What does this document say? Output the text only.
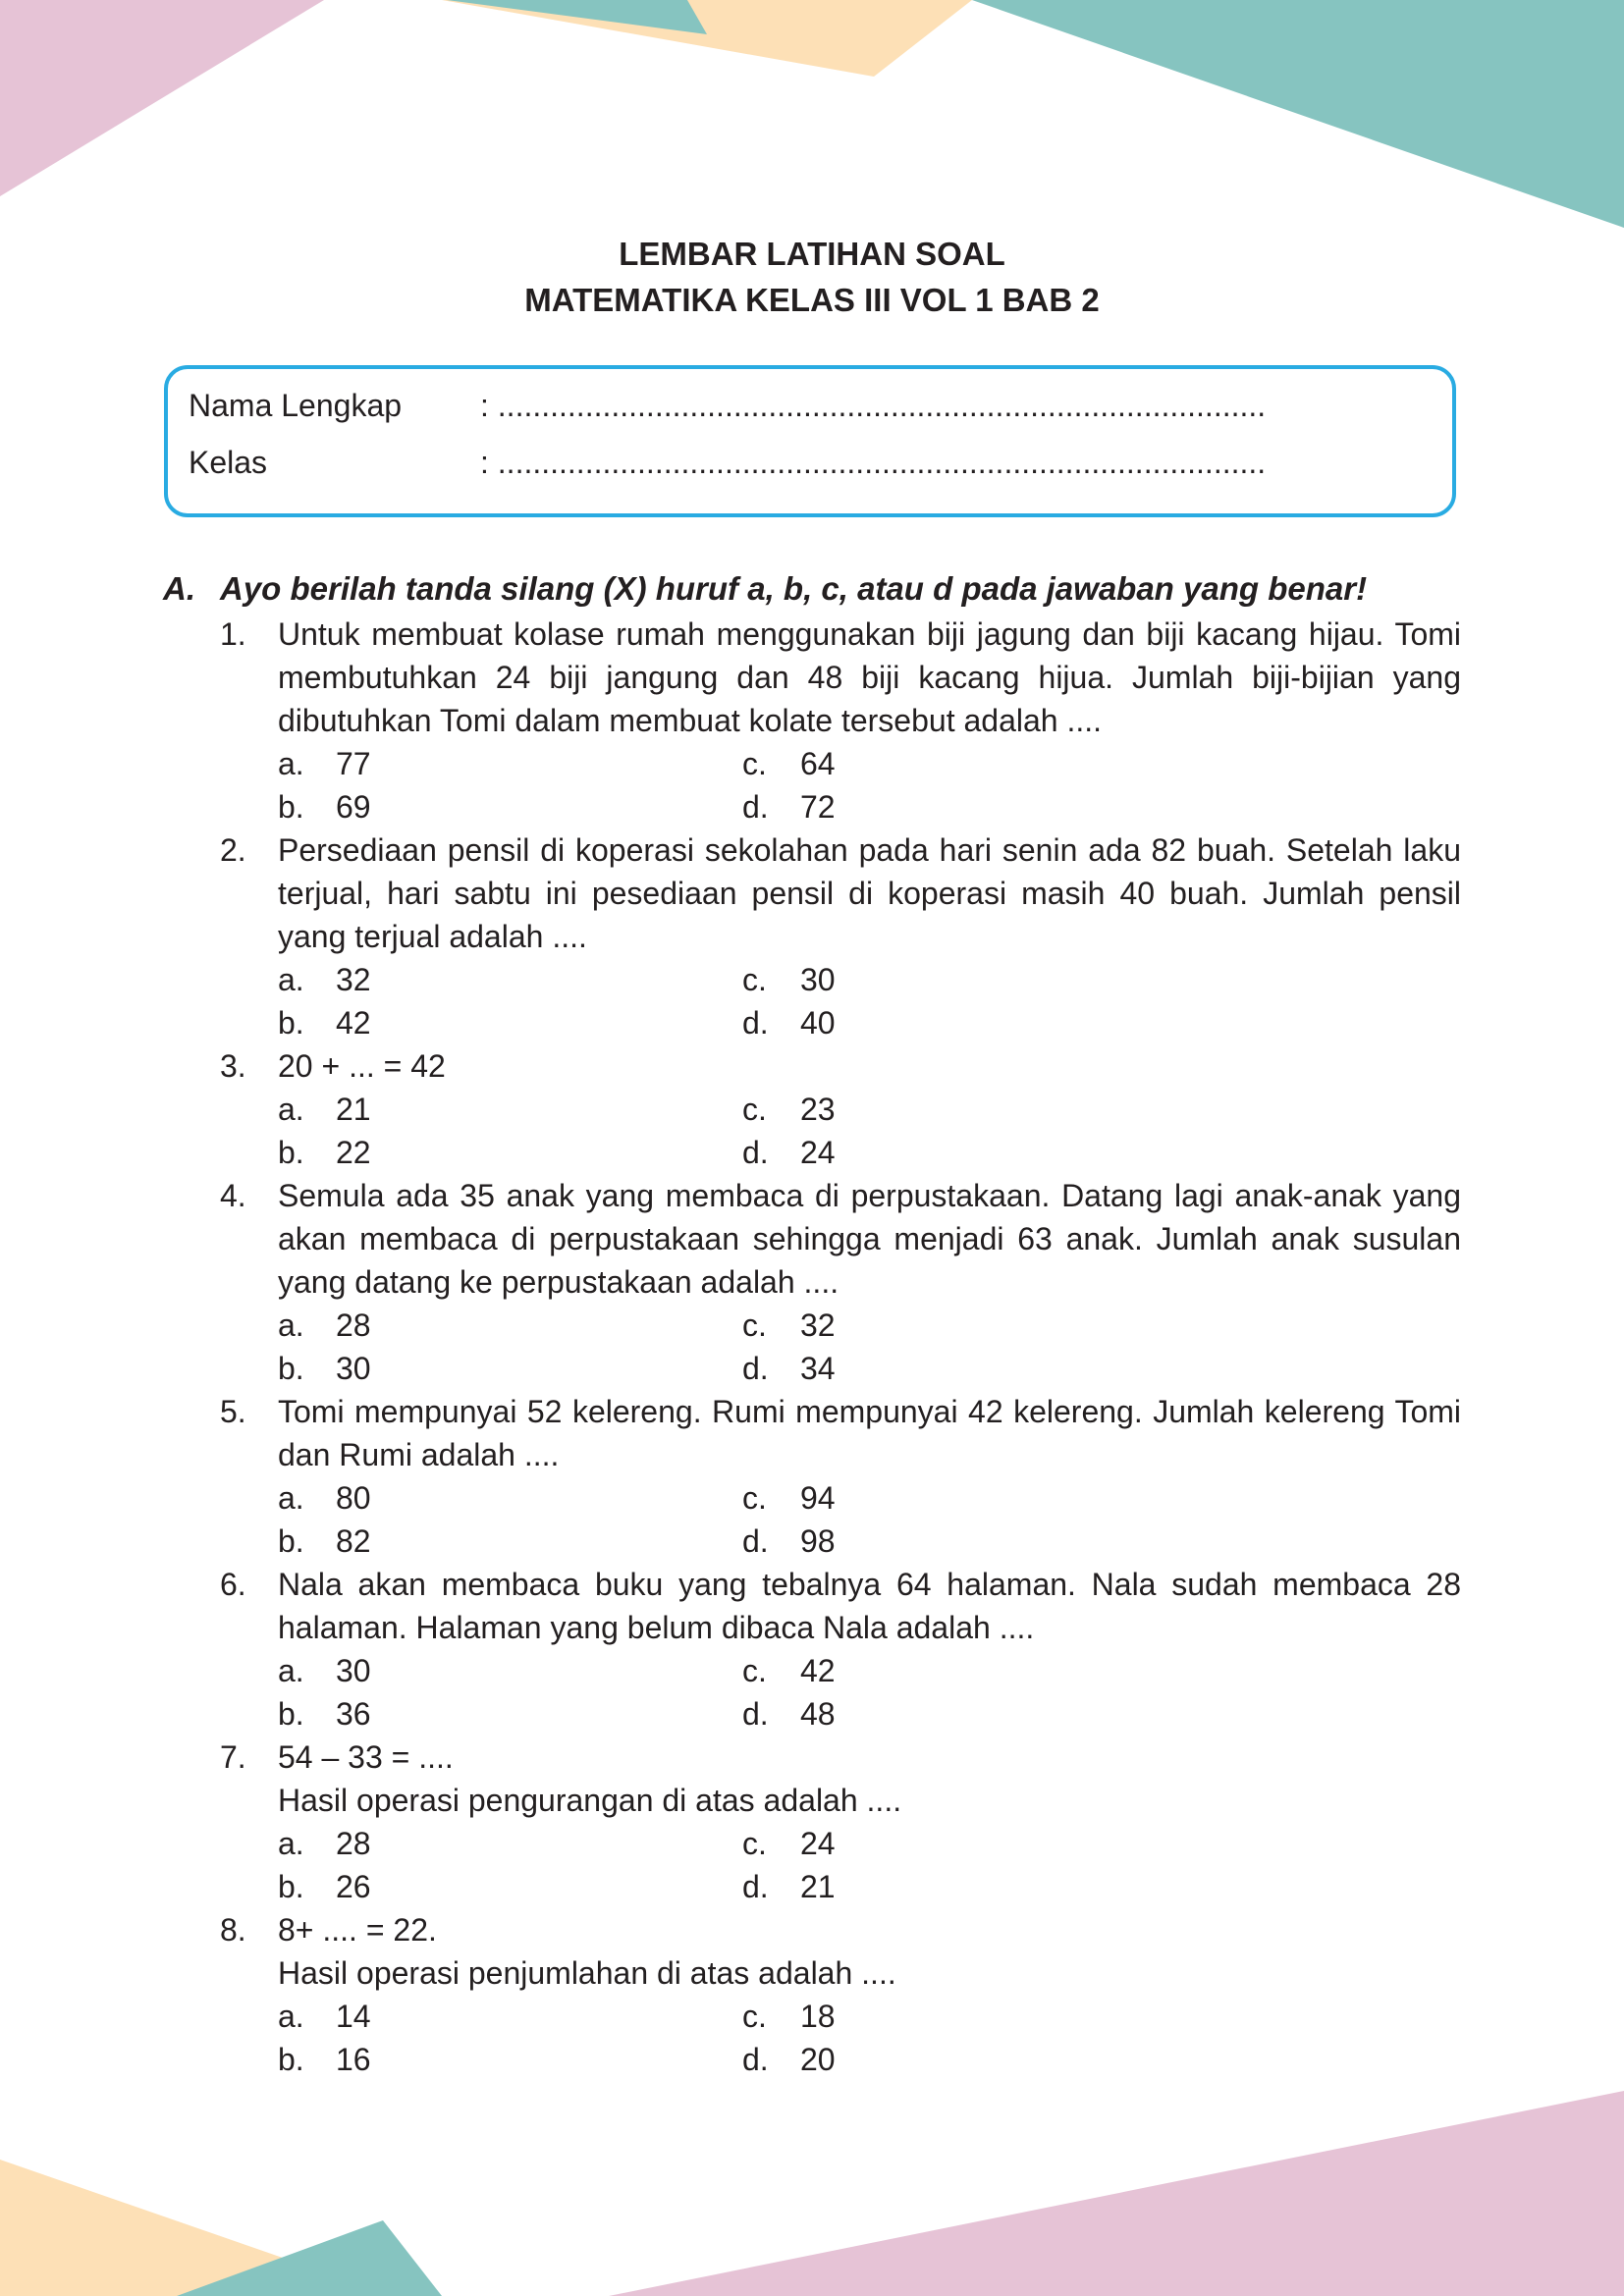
LEMBAR LATIHAN SOAL
MATEMATIKA KELAS III VOL 1 BAB 2
Nama Lengkap : ........................................................................................
Kelas	: ........................................................................................
A. Ayo berilah tanda silang (X) huruf a, b, c, atau d pada jawaban yang benar!
1. Untuk membuat kolase rumah menggunakan biji jagung dan biji kacang hijau. Tomi membutuhkan 24 biji jangung dan 48 biji kacang hijua. Jumlah biji-bijian yang dibutuhkan Tomi dalam membuat kolate tersebut adalah ....
a. 77
b. 69
c. 64
d. 72
2. Persediaan pensil di koperasi sekolahan pada hari senin ada 82 buah. Setelah laku terjual, hari sabtu ini pesediaan pensil di koperasi masih 40 buah. Jumlah pensil yang terjual adalah ....
a. 32
b. 42
c. 30
d. 40
3. 20 + ... = 42
a. 21
b. 22
c. 23
d. 24
4. Semula ada 35 anak yang membaca di perpustakaan. Datang lagi anak-anak yang akan membaca di perpustakaan sehingga menjadi 63 anak. Jumlah anak susulan yang datang ke perpustakaan adalah ....
a. 28
b. 30
c. 32
d. 34
5. Tomi mempunyai 52 kelereng. Rumi mempunyai 42 kelereng. Jumlah kelereng Tomi dan Rumi adalah ....
a. 80
b. 82
c. 94
d. 98
6. Nala akan membaca buku yang tebalnya 64 halaman. Nala sudah membaca 28 halaman. Halaman yang belum dibaca Nala adalah ....
a. 30
b. 36
c. 42
d. 48
7. 54 – 33 = ....
Hasil operasi pengurangan di atas adalah ....
a. 28
b. 26
c. 24
d. 21
8. 8+ .... = 22.
Hasil operasi penjumlahan di atas adalah ....
a. 14
b. 16
c. 18
d. 20
